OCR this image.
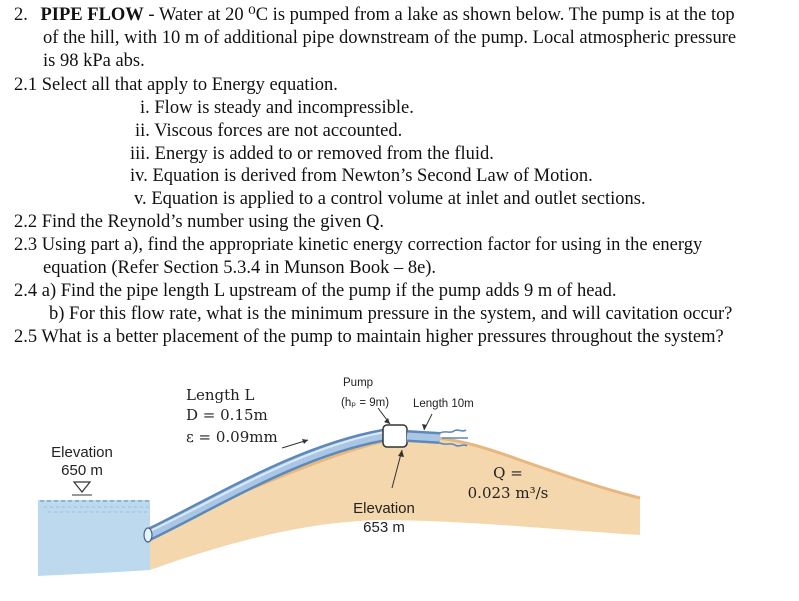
2. PIPE FLOW - Water at 20 ⁰C is pumped from a lake as shown below. The pump is at the top
of the hill, with 10 m of additional pipe downstream of the pump. Local atmospheric pressure
is 98 kPa abs.
2.1 Select all that apply to Energy equation.
i. Flow is steady and incompressible.
ii. Viscous forces are not accounted.
iii. Energy is added to or removed from the fluid.
iv. Equation is derived from Newton’s Second Law of Motion.
v. Equation is applied to a control volume at inlet and outlet sections.
2.2 Find the Reynold’s number using the given Q.
2.3 Using part a), find the appropriate kinetic energy correction factor for using in the energy
equation (Refer Section 5.3.4 in Munson Book – 8e).
2.4 a) Find the pipe length L upstream of the pump if the pump adds 9 m of head.
b) For this flow rate, what is the minimum pressure in the system, and will cavitation occur?
2.5 What is a better placement of the pump to maintain higher pressures throughout the system?
Length L
D = 0.15m
ε = 0.09mm
Pump
(hₚ = 9m) Length 10m
Elevation
650 m
Elevation
653 m
Q =
0.023 m³/s
